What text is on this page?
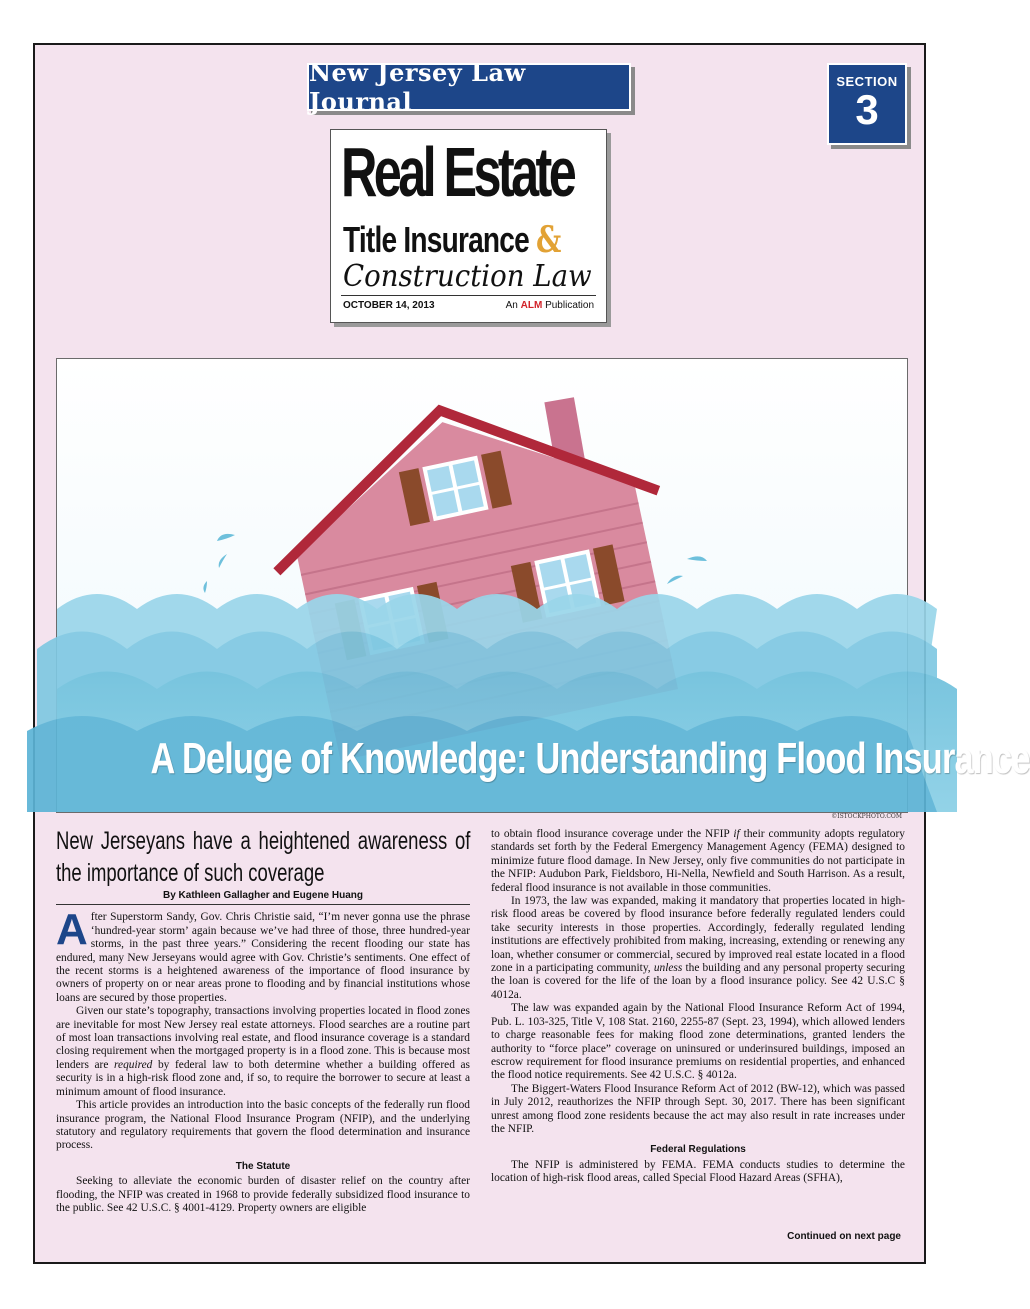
New Jersey Law Journal
SECTION
3
Real Estate
Title Insurance &
Construction Law
OCTOBER 14, 2013	An ALM Publication
A Deluge of Knowledge: Understanding Flood Insurance
©ISTOCKPHOTO.COM
New Jerseyans have a heightened awareness of the importance of such coverage
By Kathleen Gallagher and Eugene Huang

After Superstorm Sandy, Gov. Chris Christie said, “I’m never gonna use the phrase ‘hundred-year storm’ again because we’ve had three of those, three hundred-year storms, in the past three years.” Considering the recent flooding our state has endured, many New Jerseyans would agree with Gov. Christie’s sentiments. One effect of the recent storms is a heightened awareness of the importance of flood insurance by owners of property on or near areas prone to flooding and by financial institutions whose loans are secured by those properties.

Given our state’s topography, transactions involving properties located in flood zones are inevitable for most New Jersey real estate attorneys. Flood searches are a routine part of most loan transactions involving real estate, and flood insurance coverage is a standard closing requirement when the mortgaged property is in a flood zone. This is because most lenders are required by federal law to both determine whether a building offered as security is in a high-risk flood zone and, if so, to require the borrower to secure at least a minimum amount of flood insurance.

This article provides an introduction into the basic concepts of the federally run flood insurance program, the National Flood Insurance Program (NFIP), and the underlying statutory and regulatory requirements that govern the flood determination and insurance process.

The Statute

Seeking to alleviate the economic burden of disaster relief on the country after flooding, the NFIP was created in 1968 to provide federally subsidized flood insurance to the public. See 42 U.S.C. § 4001-4129. Property owners are eligible

to obtain flood insurance coverage under the NFIP if their community adopts regulatory standards set forth by the Federal Emergency Management Agency (FEMA) designed to minimize future flood damage. In New Jersey, only five communities do not participate in the NFIP: Audubon Park, Fieldsboro, Hi-Nella, Newfield and South Harrison. As a result, federal flood insurance is not available in those communities.

In 1973, the law was expanded, making it mandatory that properties located in high-risk flood areas be covered by flood insurance before federally regulated lenders could take security interests in those properties. Accordingly, federally regulated lending institutions are effectively prohibited from making, increasing, extending or renewing any loan, whether consumer or commercial, secured by improved real estate located in a flood zone in a participating community, unless the building and any personal property securing the loan is covered for the life of the loan by a flood insurance policy. See 42 U.S.C § 4012a.

The law was expanded again by the National Flood Insurance Reform Act of 1994, Pub. L. 103-325, Title V, 108 Stat. 2160, 2255-87 (Sept. 23, 1994), which allowed lenders to charge reasonable fees for making flood zone determinations, granted lenders the authority to “force place” coverage on uninsured or underinsured buildings, imposed an escrow requirement for flood insurance premiums on residential properties, and enhanced the flood notice requirements. See 42 U.S.C. § 4012a.

The Biggert-Waters Flood Insurance Reform Act of 2012 (BW-12), which was passed in July 2012, reauthorizes the NFIP through Sept. 30, 2017. There has been significant unrest among flood zone residents because the act may also result in rate increases under the NFIP.

Federal Regulations

The NFIP is administered by FEMA. FEMA conducts studies to determine the location of high-risk flood areas, called Special Flood Hazard Areas (SFHA),

Continued on next page
